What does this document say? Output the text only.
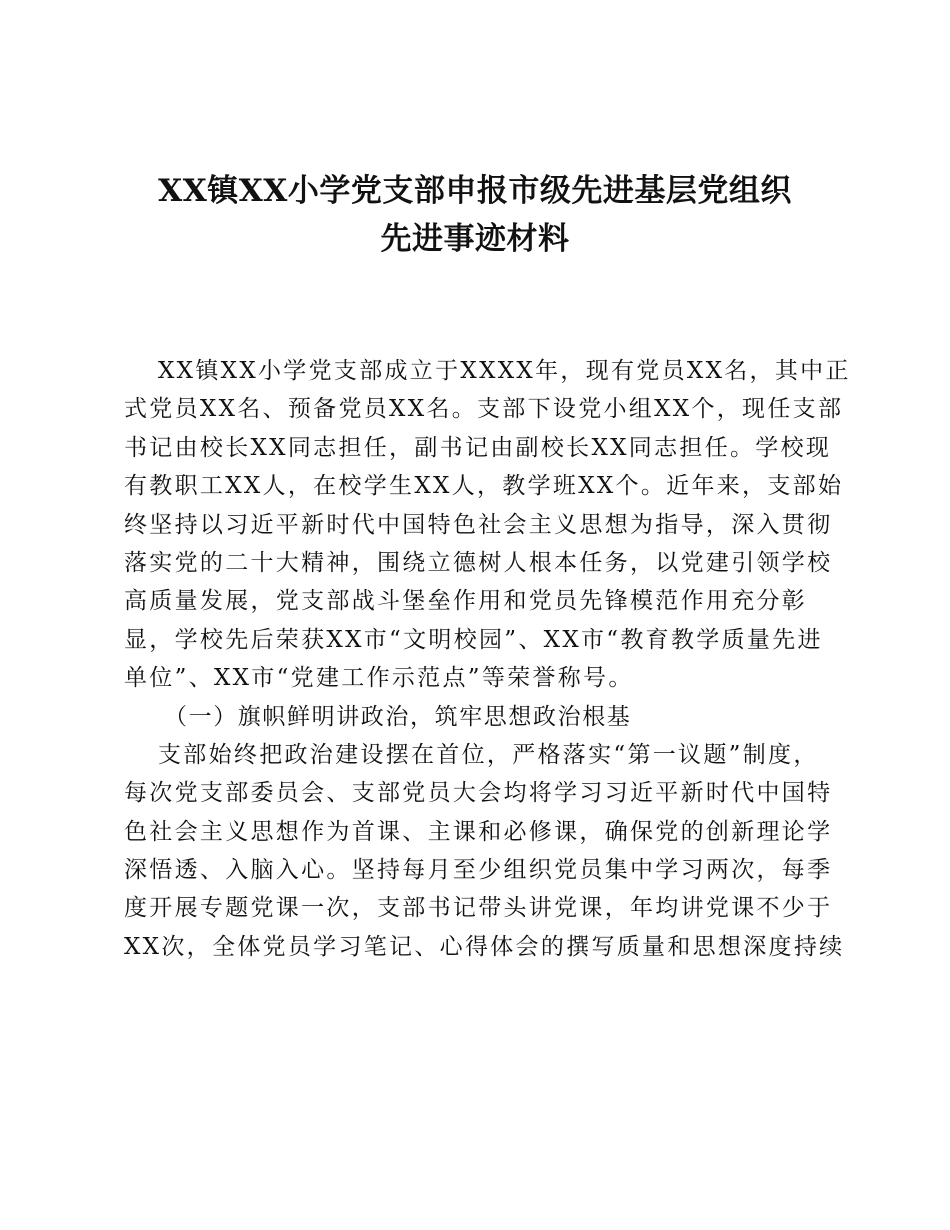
XX镇XX小学党支部申报市级先进基层党组织
先进事迹材料
XX镇XX小学党支部成立于XXXX年，现有党员XX名，其中正
式党员XX名、预备党员XX名。支部下设党小组XX个，现任支部
书记由校长XX同志担任，副书记由副校长XX同志担任。学校现
有教职工XX人，在校学生XX人，教学班XX个。近年来，支部始
终坚持以习近平新时代中国特色社会主义思想为指导，深入贯彻
落实党的二十大精神，围绕立德树人根本任务，以党建引领学校
高质量发展，党支部战斗堡垒作用和党员先锋模范作用充分彰
显，学校先后荣获XX市“文明校园”、XX市“教育教学质量先进
单位”、XX市“党建工作示范点”等荣誉称号。
（一）旗帜鲜明讲政治，筑牢思想政治根基
支部始终把政治建设摆在首位，严格落实“第一议题”制度，
每次党支部委员会、支部党员大会均将学习习近平新时代中国特
色社会主义思想作为首课、主课和必修课，确保党的创新理论学
深悟透、入脑入心。坚持每月至少组织党员集中学习两次，每季
度开展专题党课一次，支部书记带头讲党课，年均讲党课不少于
XX次，全体党员学习笔记、心得体会的撰写质量和思想深度持续
